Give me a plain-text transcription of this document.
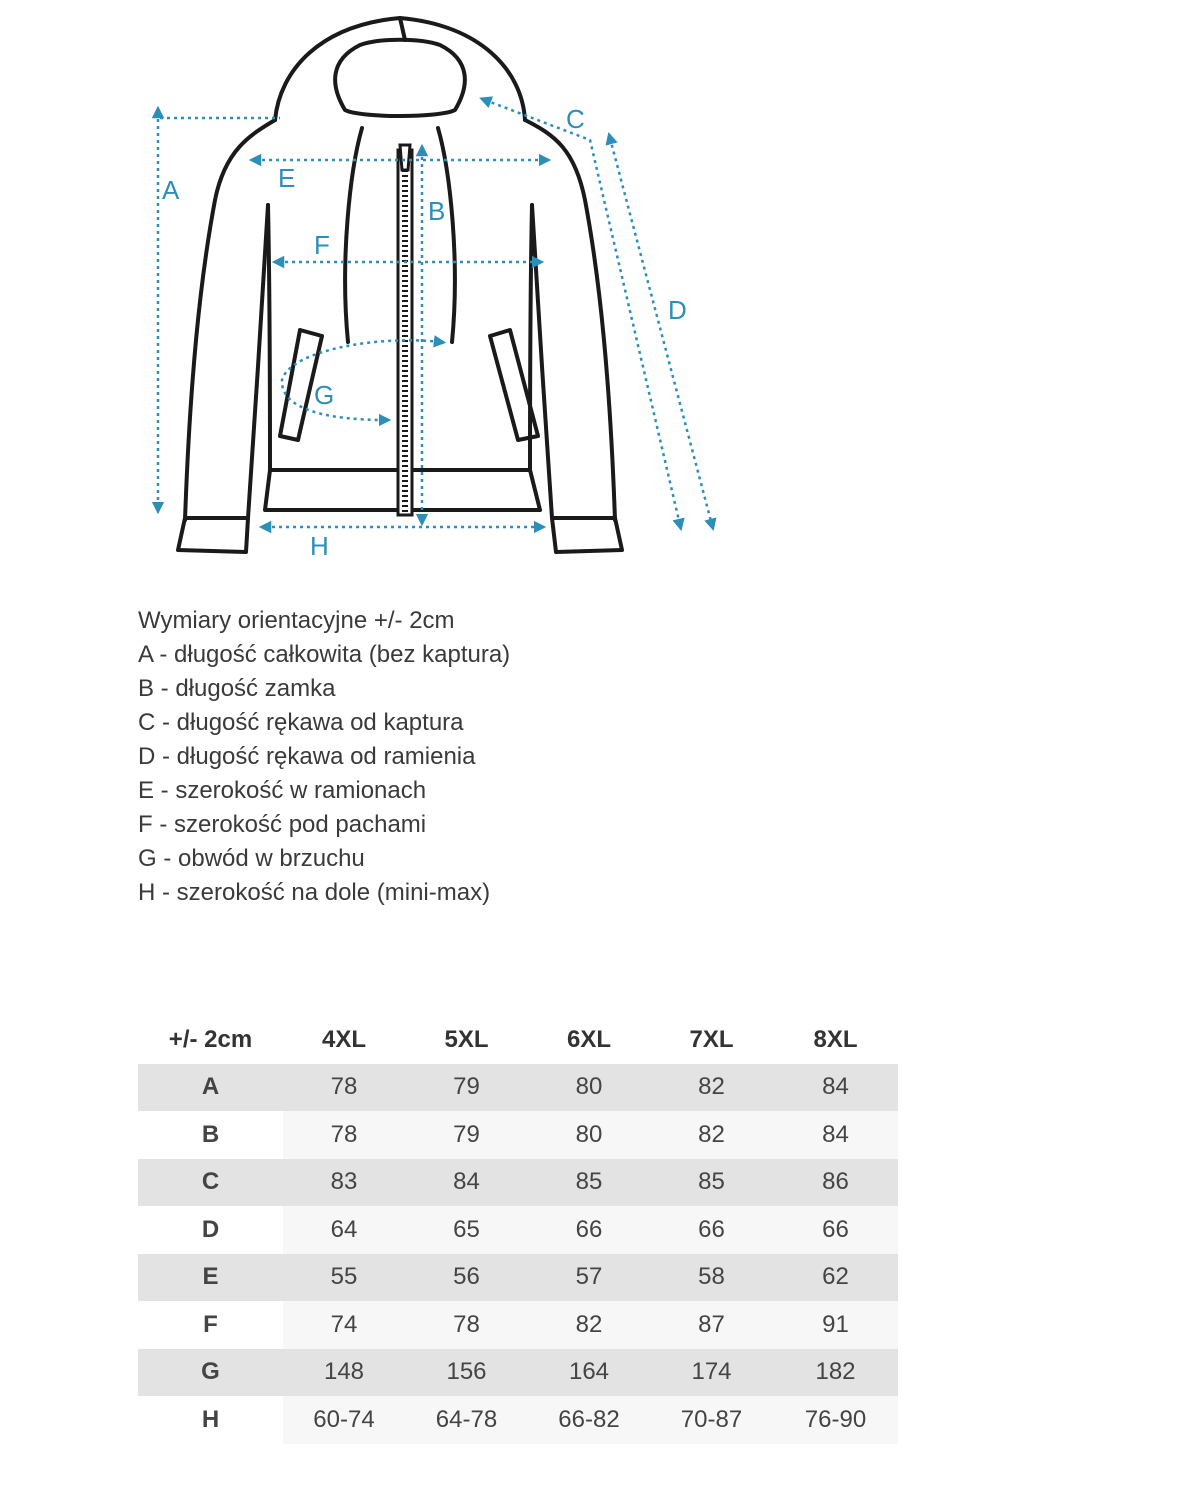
A
B
C
D
E
F
G
H
Wymiary orientacyjne +/- 2cm
A - długość całkowita (bez kaptura)
B - długość zamka
C - długość rękawa od kaptura
D - długość rękawa od ramienia
E - szerokość w ramionach
F - szerokość pod pachami
G - obwód w brzuchu
H - szerokość na dole (mini-max)
+/- 2cm	4XL	5XL	6XL	7XL	8XL
A	78	79	80	82	84
B	78	79	80	82	84
C	83	84	85	85	86
D	64	65	66	66	66
E	55	56	57	58	62
F	74	78	82	87	91
G	148	156	164	174	182
H	60-74	64-78	66-82	70-87	76-90
